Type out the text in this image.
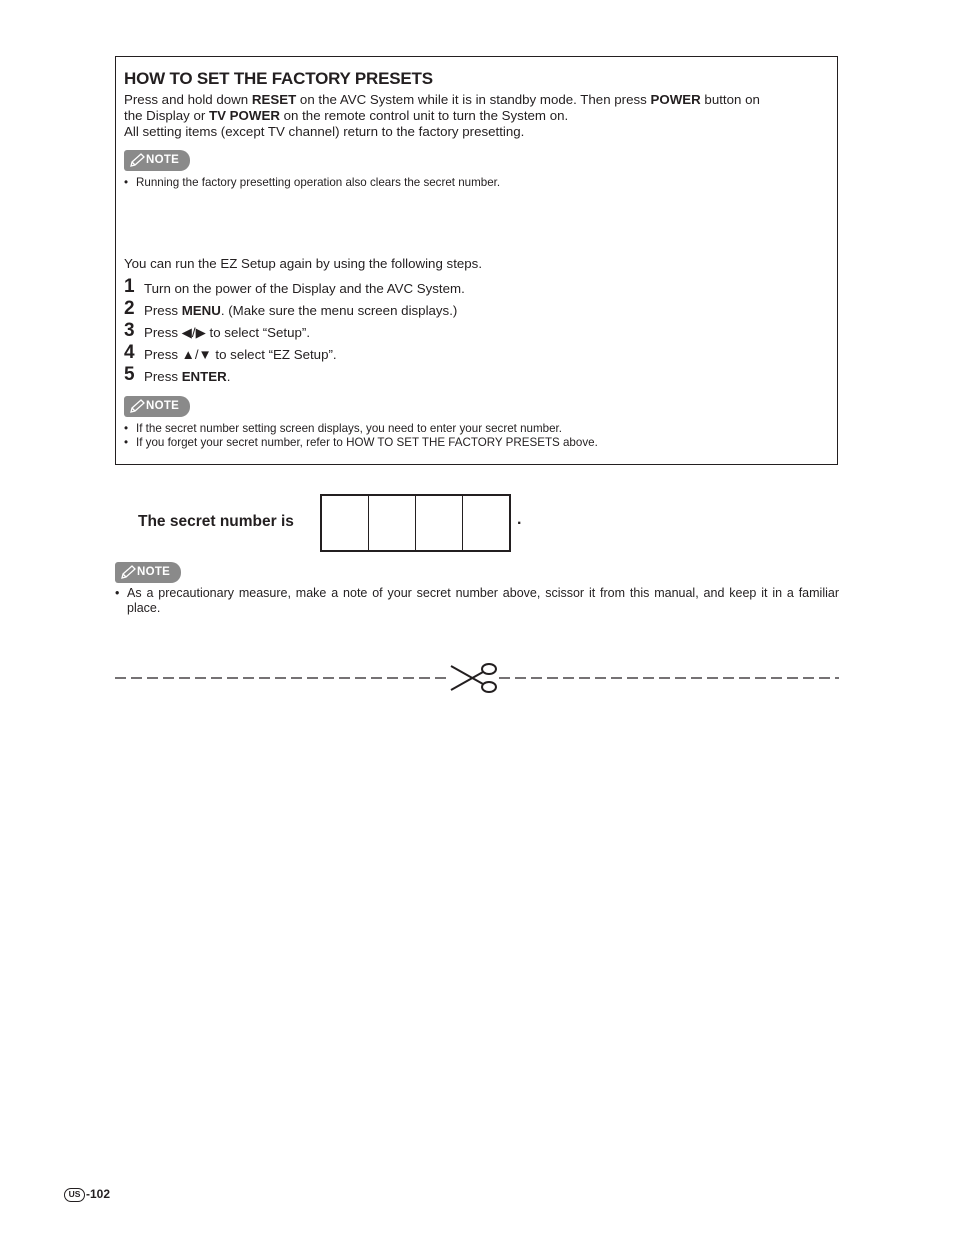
HOW TO SET THE FACTORY PRESETS
Press and hold down RESET on the AVC System while it is in standby mode. Then press POWER button on
the Display or TV POWER on the remote control unit to turn the System on.
All setting items (except TV channel) return to the factory presetting.
NOTE
• Running the factory presetting operation also clears the secret number.
You can run the EZ Setup again by using the following steps.
1 Turn on the power of the Display and the AVC System.
2 Press MENU. (Make sure the menu screen displays.)
3 Press ◀/▶ to select “Setup”.
4 Press ▲/▼ to select “EZ Setup”.
5 Press ENTER.
NOTE
• If the secret number setting screen displays, you need to enter your secret number.
• If you forget your secret number, refer to HOW TO SET THE FACTORY PRESETS above.
The secret number is	.
NOTE
• As a precautionary measure, make a note of your secret number above, scissor it from this manual, and keep it in a familiar place.
US -102
